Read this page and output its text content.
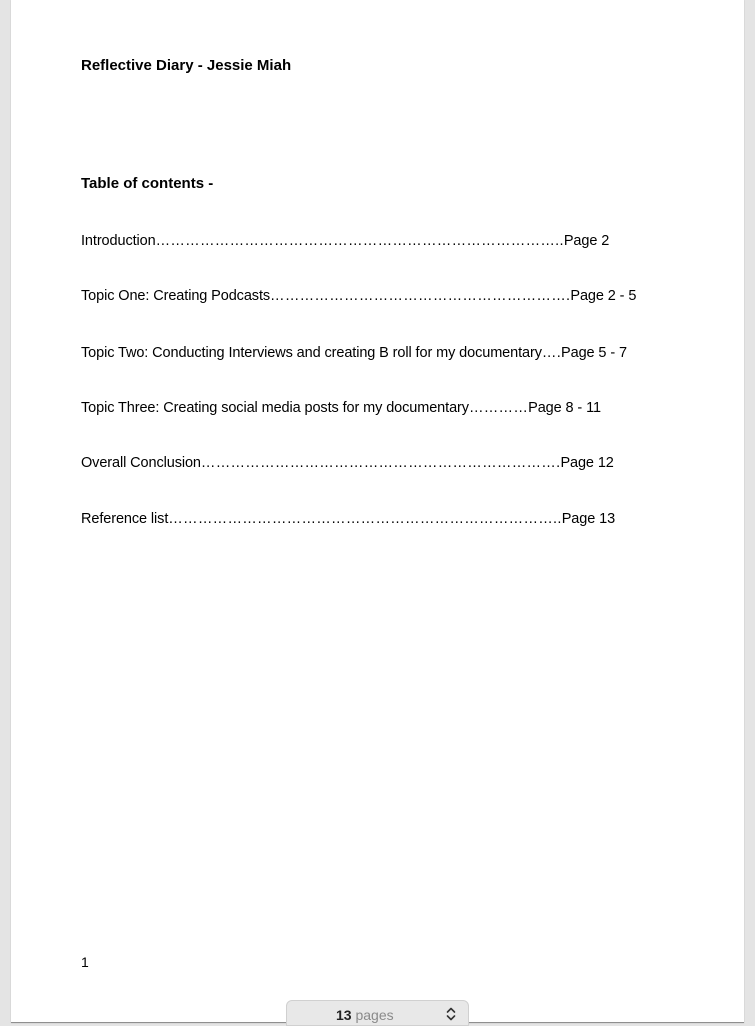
Reflective Diary - Jessie Miah
Table of contents -
Introduction………………………………………………………………………..Page 2
Topic One: Creating Podcasts…………………………………………………….Page 2 - 5
Topic Two: Conducting Interviews and creating B roll for my documentary….Page 5 - 7
Topic Three: Creating social media posts for my documentary…………Page 8 - 11
Overall Conclusion……………………………………………………………….Page 12
Reference list……………………………………………………………………..Page 13
1
13 pages
